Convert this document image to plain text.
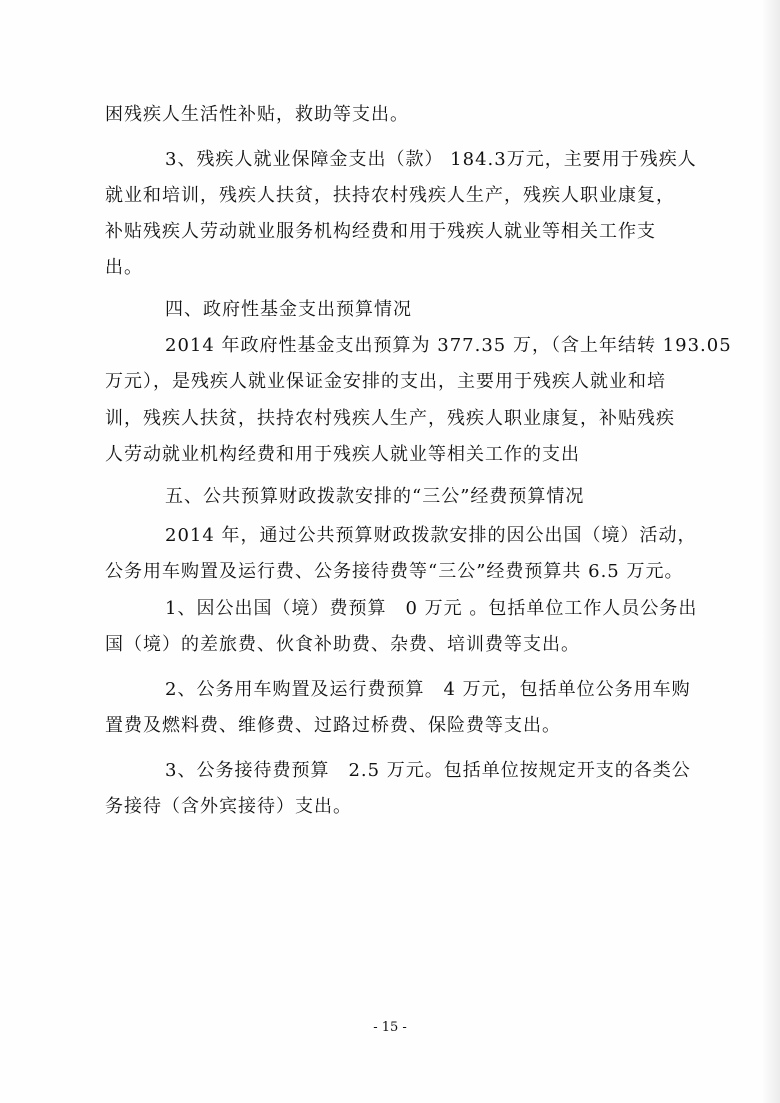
困残疾人生活性补贴，救助等支出。
3、残疾人就业保障金支出（款） 184.3万元，主要用于残疾人
就业和培训，残疾人扶贫，扶持农村残疾人生产，残疾人职业康复，
补贴残疾人劳动就业服务机构经费和用于残疾人就业等相关工作支
出。
四、政府性基金支出预算情况
2014 年政府性基金支出预算为 377.35 万，（含上年结转 193.05
万元），是残疾人就业保证金安排的支出，主要用于残疾人就业和培
训，残疾人扶贫，扶持农村残疾人生产，残疾人职业康复，补贴残疾
人劳动就业机构经费和用于残疾人就业等相关工作的支出
五、公共预算财政拨款安排的“三公”经费预算情况
2014 年，通过公共预算财政拨款安排的因公出国（境）活动，
公务用车购置及运行费、公务接待费等“三公”经费预算共 6.5 万元。
1、因公出国（境）费预算　0 万元 。包括单位工作人员公务出
国（境）的差旅费、伙食补助费、杂费、培训费等支出。
2、公务用车购置及运行费预算　4 万元，包括单位公务用车购
置费及燃料费、维修费、过路过桥费、保险费等支出。
3、公务接待费预算　2.5 万元。包括单位按规定开支的各类公
务接待（含外宾接待）支出。
- 15 -
